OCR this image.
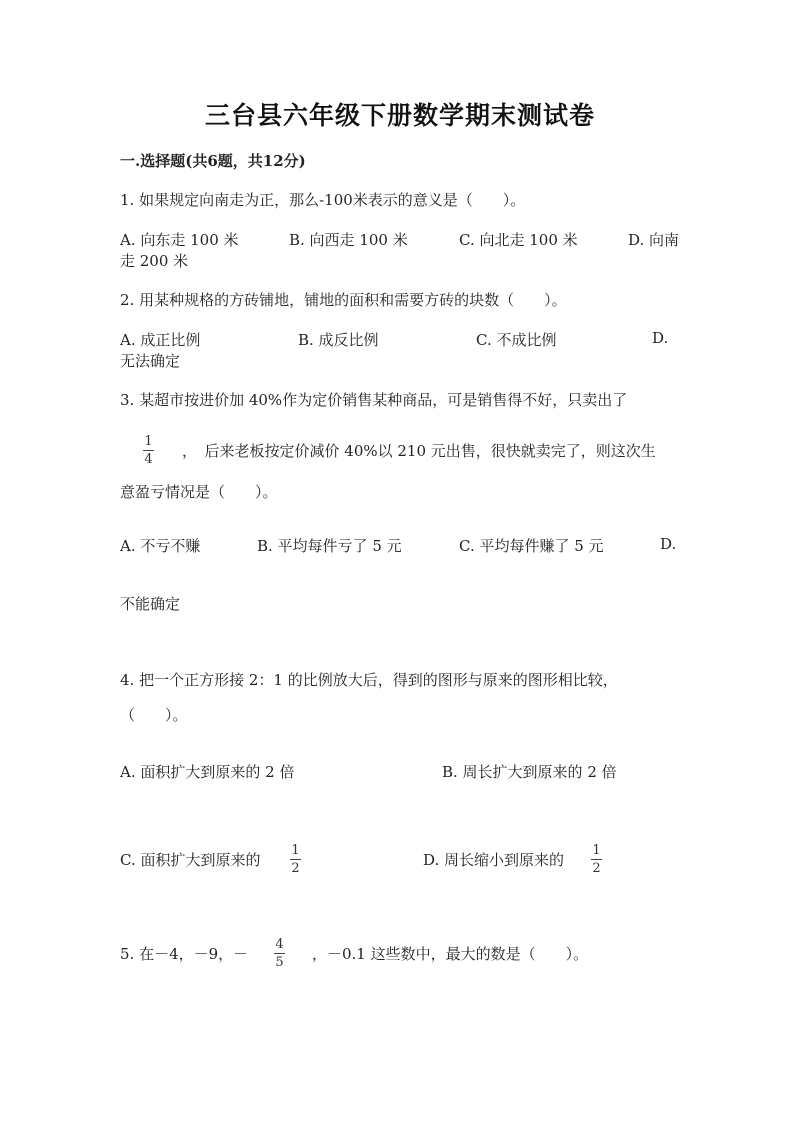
三台县六年级下册数学期末测试卷
一.选择题(共6题，共12分)
1. 如果规定向南走为正，那么-100米表示的意义是（　　）。
A. 向东走 100 米	B. 向西走 100 米	C. 向北走 100 米	D. 向南
走 200 米
2. 用某种规格的方砖铺地，铺地的面积和需要方砖的块数（　　）。
A. 成正比例	B. 成反比例	C. 不成比例	D.
无法确定
3. 某超市按进价加 40%作为定价销售某种商品，可是销售得不好，只卖出了
1
4 ，　后来老板按定价减价 40%以 210 元出售，很快就卖完了，则这次生
意盈亏情况是（　　）。
A. 不亏不赚	B. 平均每件亏了 5 元	C. 平均每件赚了 5 元	D.
不能确定
4. 把一个正方形接 2：1 的比例放大后，得到的图形与原来的图形相比较，
（　　）。
A. 面积扩大到原来的 2 倍	B. 周长扩大到原来的 2 倍
C. 面积扩大到原来的
1
2	D. 周长缩小到原来的
1
2
5. 在－4，－9，－
4
5 ，－0.1 这些数中，最大的数是（　　）。
